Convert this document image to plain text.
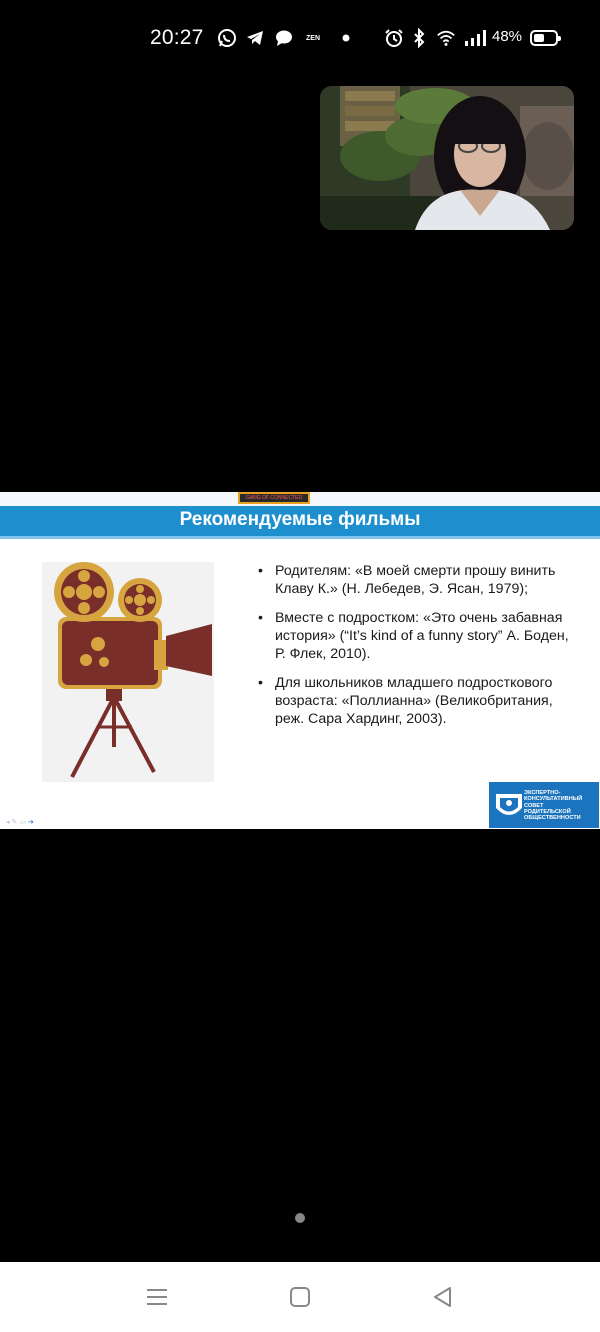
20:27	ZEN	48%
GANG OF CONNECTED
Рекомендуемые фильмы
• Родителям: «В моей смерти прошу винить Клаву К.» (Н. Лебедев, Э. Ясан, 1979);
• Вместе с подростком: «Это очень забавная история» (“It’s kind of a funny story” А. Боден, Р. Флек, 2010).
• Для школьников младшего подросткового возраста: «Поллианна» (Великобритания, реж. Сара Хардинг, 2003).
ЭКСПЕРТНО-
КОНСУЛЬТАТИВНЫЙ
СОВЕТ
РОДИТЕЛЬСКОЙ
ОБЩЕСТВЕННОСТИ
◂✎▭➔
